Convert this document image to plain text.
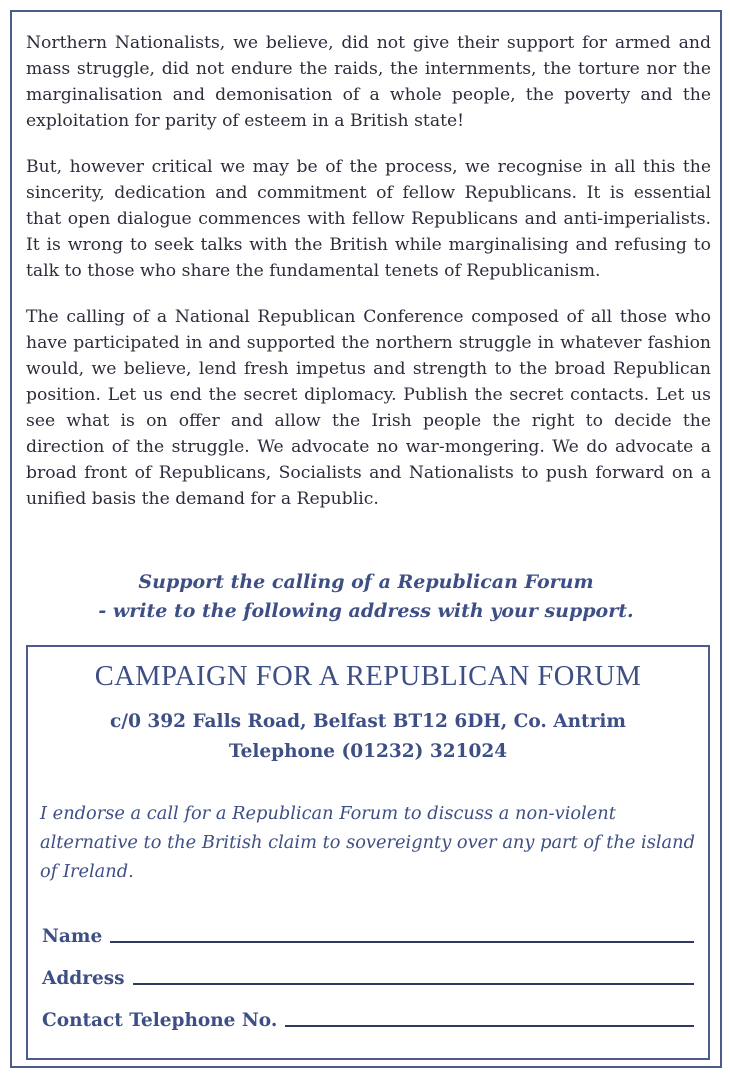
Northern Nationalists, we believe, did not give their support for armed and mass struggle, did not endure the raids, the internments, the torture nor the marginalisation and demonisation of a whole people, the poverty and the exploitation for parity of esteem in a British state!

But, however critical we may be of the process, we recognise in all this the sincerity, dedication and commitment of fellow Republicans. It is essential that open dialogue commences with fellow Republicans and anti-imperialists. It is wrong to seek talks with the British while marginalising and refusing to talk to those who share the fundamental tenets of Republicanism.

The calling of a National Republican Conference composed of all those who have participated in and supported the northern struggle in whatever fashion would, we believe, lend fresh impetus and strength to the broad Republican position. Let us end the secret diplomacy. Publish the secret contacts. Let us see what is on offer and allow the Irish people the right to decide the direction of the struggle. We advocate no war-mongering. We do advocate a broad front of Republicans, Socialists and Nationalists to push forward on a unified basis the demand for a Republic.

Support the calling of a Republican Forum
- write to the following address with your support.
CAMPAIGN FOR A REPUBLICAN FORUM
c/0 392 Falls Road, Belfast BT12 6DH, Co. Antrim
Telephone (01232) 321024
I endorse a call for a Republican Forum to discuss a non-violent alternative to the British claim to sovereignty over any part of the island of Ireland.
Name
Address
Contact Telephone No.
